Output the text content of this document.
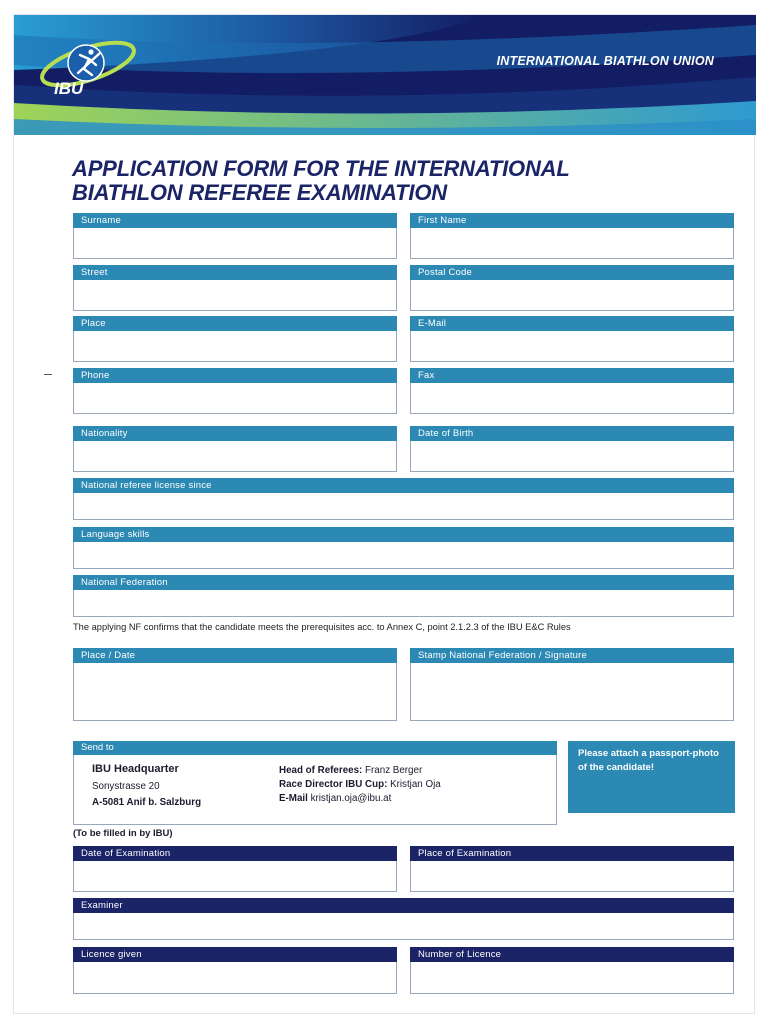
INTERNATIONAL BIATHLON UNION
IBU
APPLICATION FORM FOR THE INTERNATIONAL
BIATHLON REFEREE EXAMINATION
Surname	First Name
Street	Postal Code
Place	E-Mail
Phone	Fax
Nationality	Date of Birth
National referee license since
Language skills
National Federation
The applying NF confirms that the candidate meets the prerequisites acc. to Annex C, point 2.1.2.3 of the IBU E&C Rules
Place / Date	Stamp National Federation / Signature
Send to
IBU Headquarter
Sonystrasse 20
A-5081 Anif b. Salzburg
Head of Referees: Franz Berger
Race Director IBU Cup: Kristjan Oja
E-Mail kristjan.oja@ibu.at
Please attach a passport-photo of the candidate!
(To be filled in by IBU)
Date of Examination	Place of Examination
Examiner
Licence given	Number of Licence
